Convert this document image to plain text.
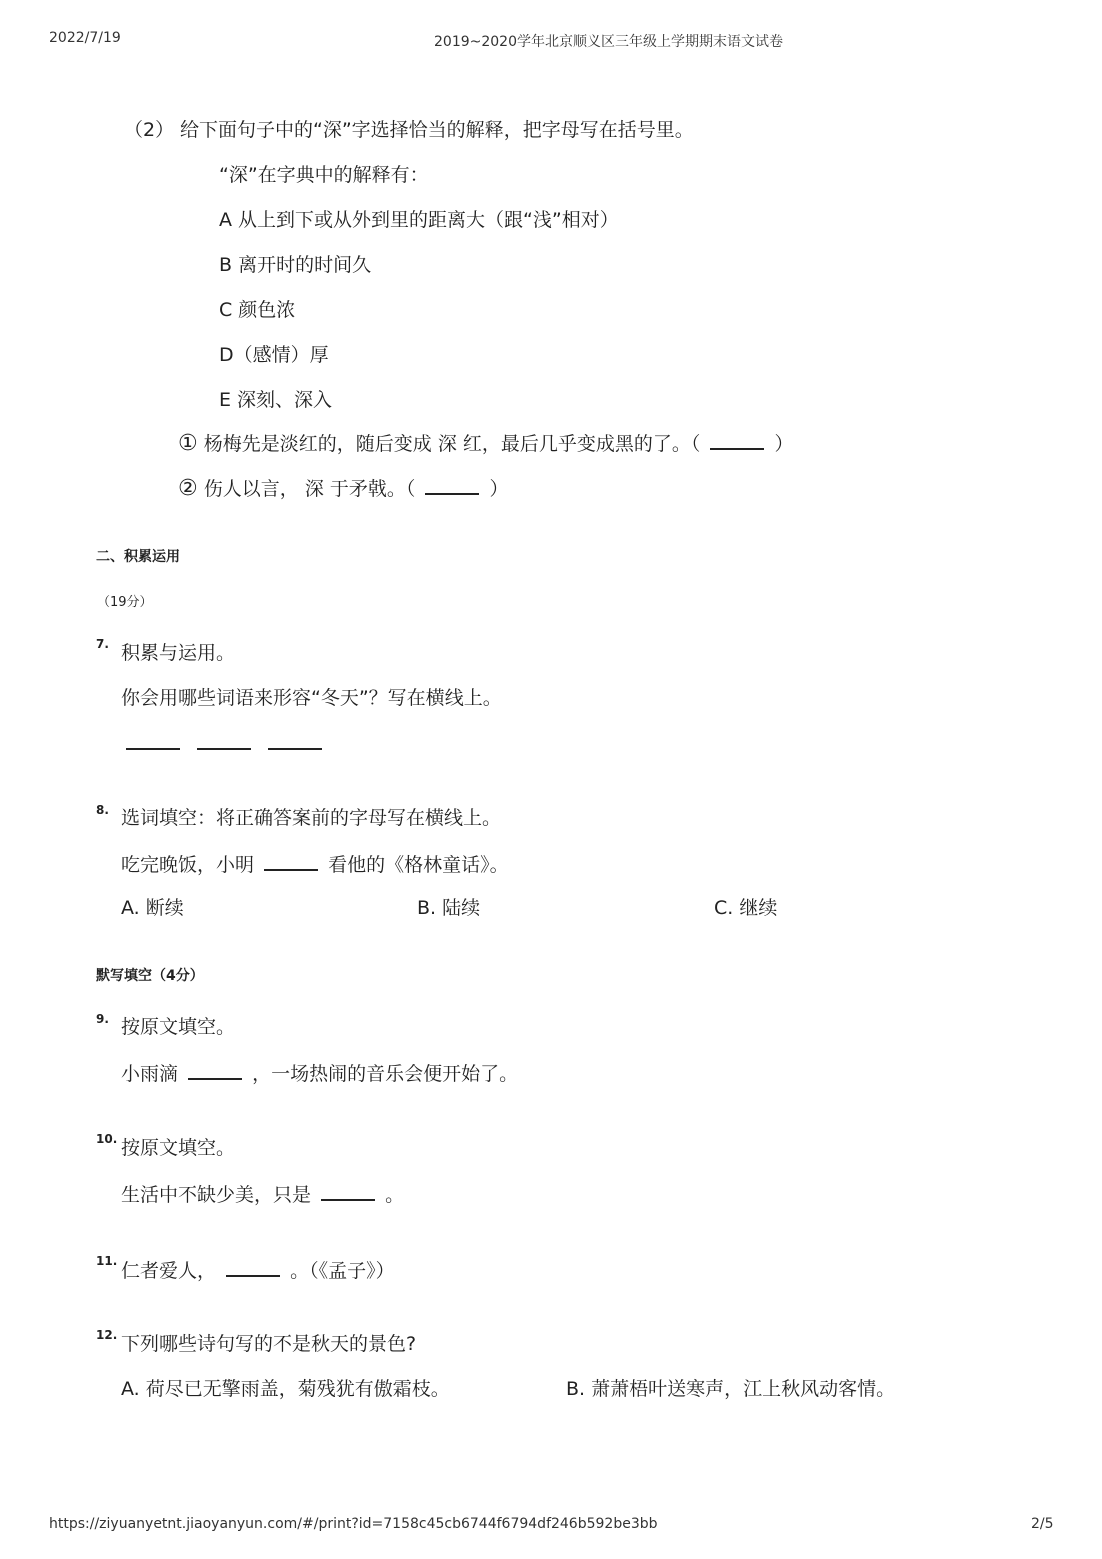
2022/7/19	2019~2020学年北京顺义区三年级上学期期末语文试卷
（2） 给下面句子中的“深”字选择恰当的解释，把字母写在括号里。
“深”在字典中的解释有：
A 从上到下或从外到里的距离大（跟“浅”相对）
B 离开时的时间久
C 颜色浓
D（感情）厚
E 深刻、深入
① 杨梅先是淡红的，随后变成 深 红，最后几乎变成黑的了。（	）
② 伤人以言， 深 于矛戟。（	）
二、积累运用
（19分）
7. 积累与运用。
你会用哪些词语来形容“冬天”？写在横线上。

8. 选词填空：将正确答案前的字母写在横线上。
吃完晚饭，小明	看他的《格林童话》。
A. 断续	B. 陆续	C. 继续
默写填空（4分）
9. 按原文填空。
小雨滴	，一场热闹的音乐会便开始了。
10. 按原文填空。
生活中不缺少美，只是	。
11. 仁者爱人，	。（《孟子》）
12. 下列哪些诗句写的不是秋天的景色?
A. 荷尽已无擎雨盖，菊残犹有傲霜枝。	B. 萧萧梧叶送寒声，江上秋风动客情。
https://ziyuanyetnt.jiaoyanyun.com/#/print?id=7158c45cb6744f6794df246b592be3bb	2/5
